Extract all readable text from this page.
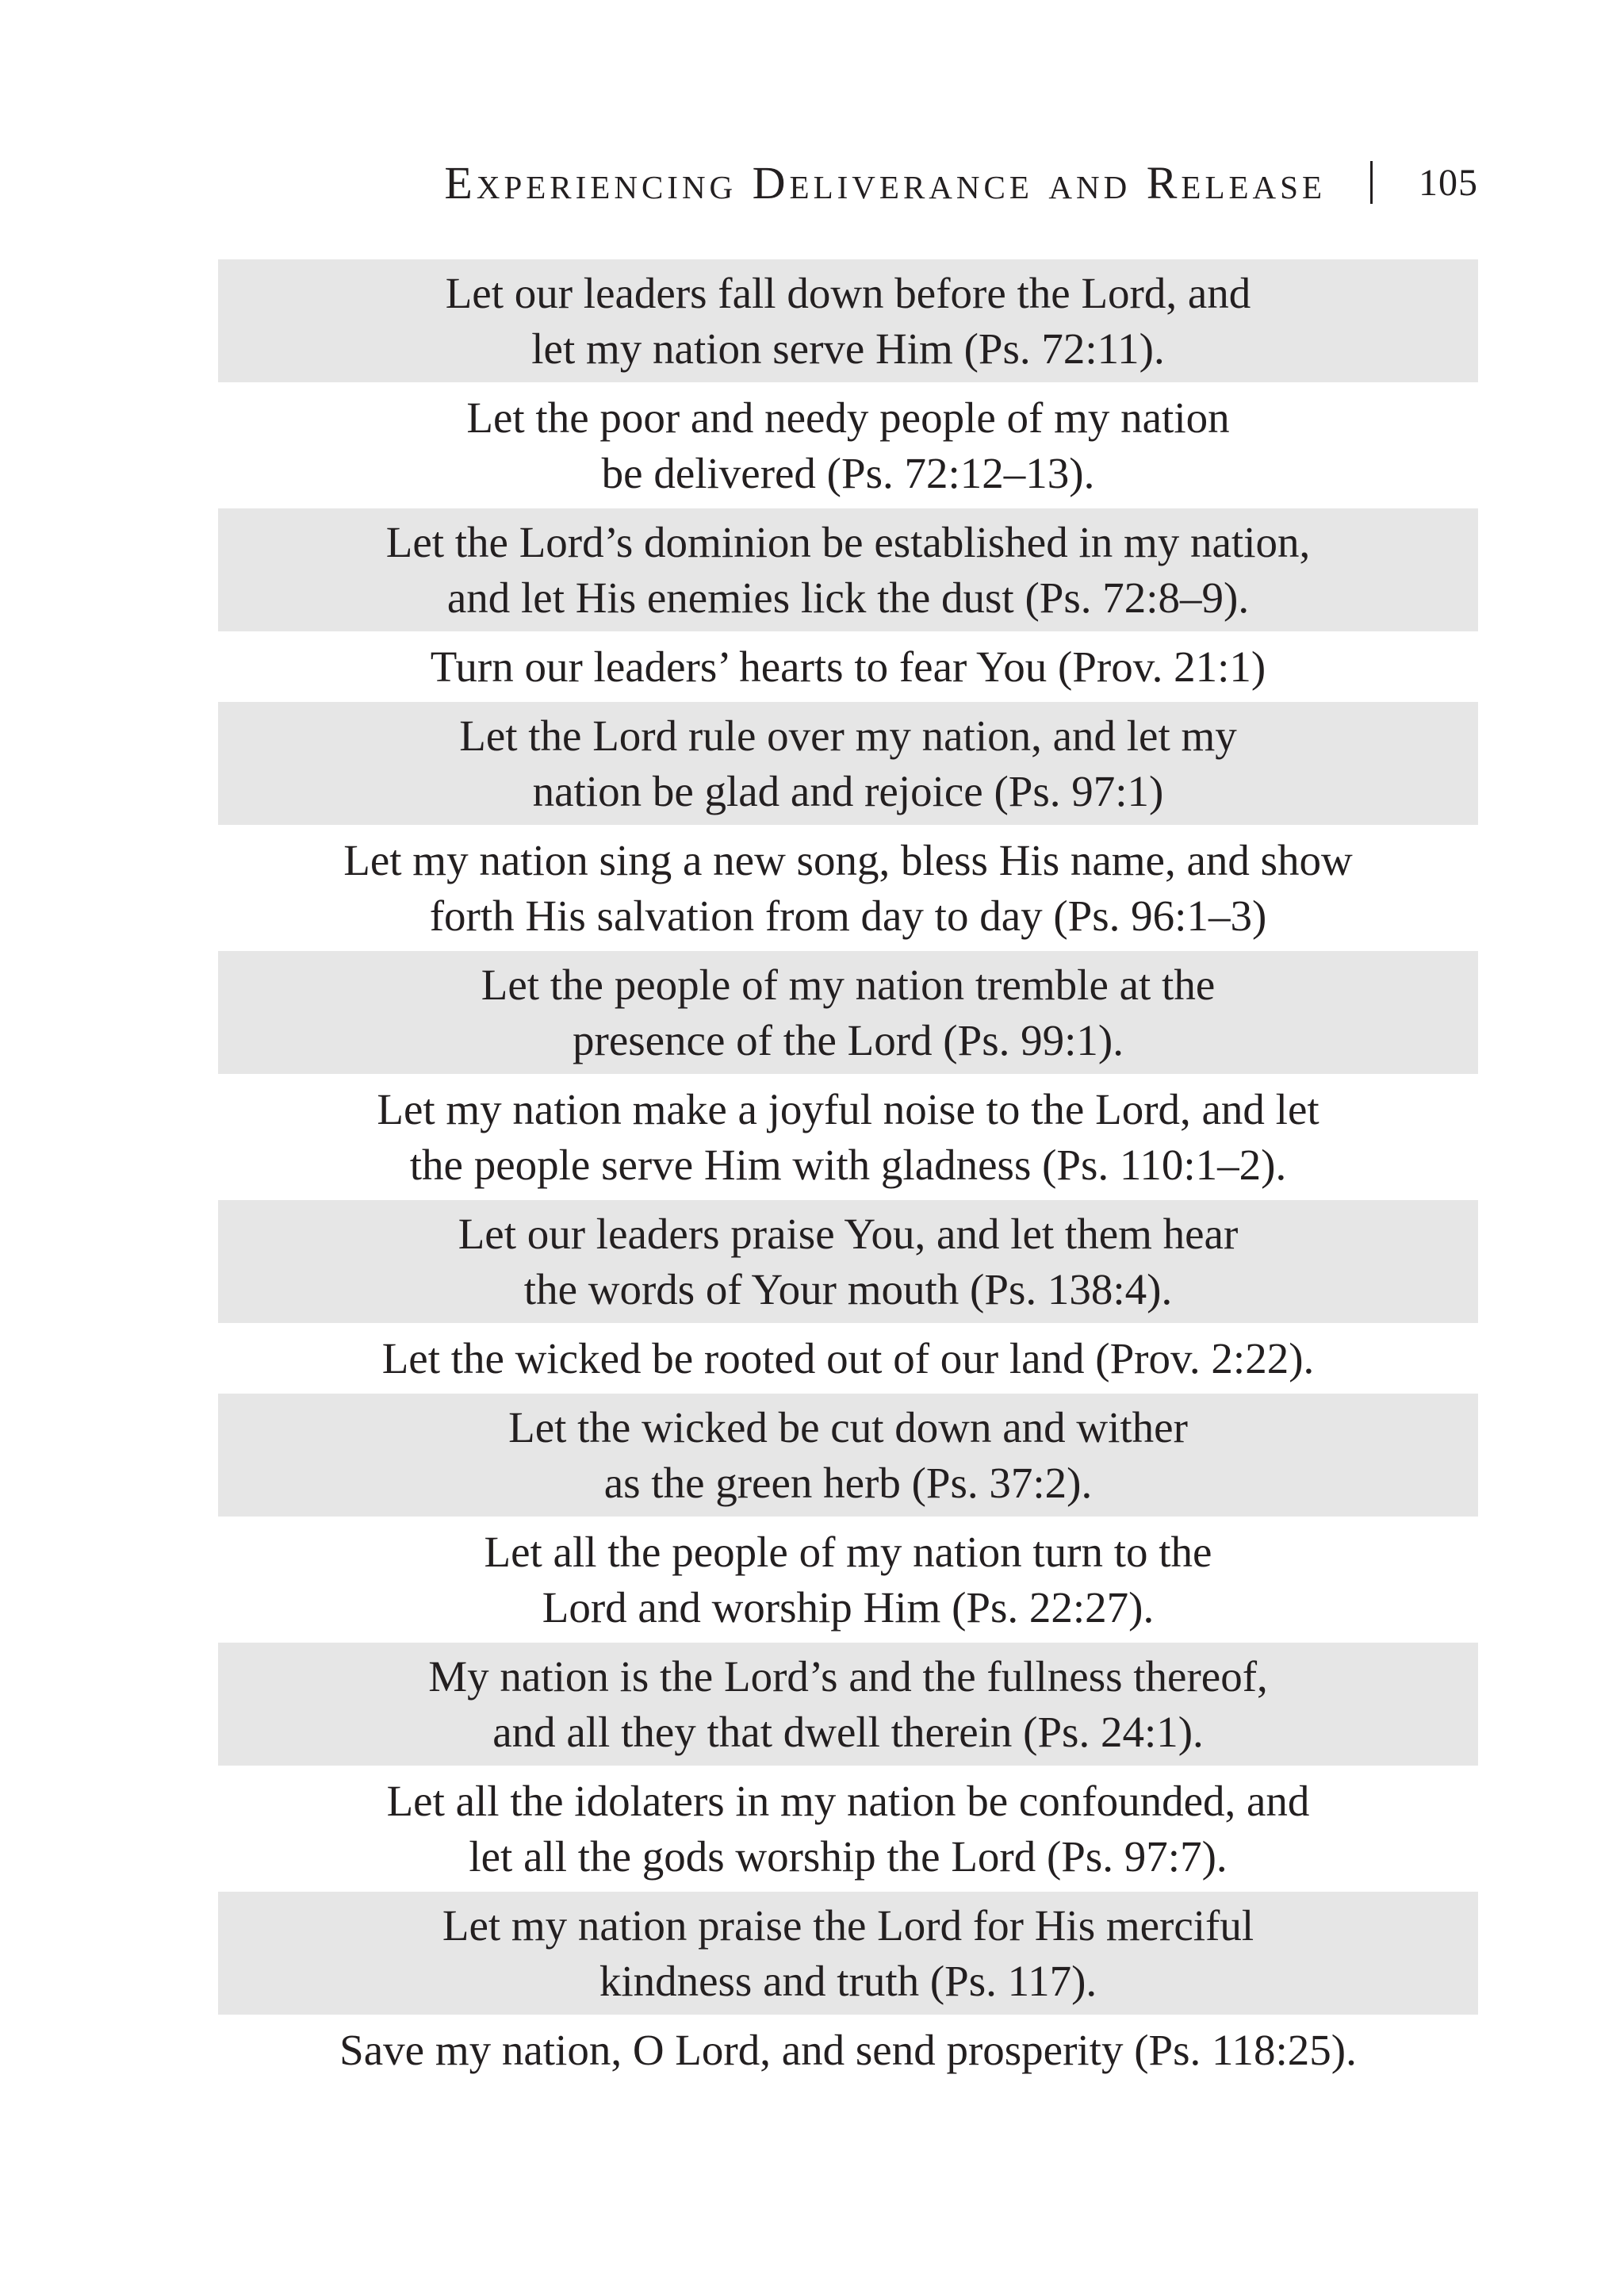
Experiencing Deliverance and Release 105
Let our leaders fall down before the Lord, and
let my nation serve Him (Ps. 72:11).
Let the poor and needy people of my nation
be delivered (Ps. 72:12–13).
Let the Lord’s dominion be established in my nation,
and let His enemies lick the dust (Ps. 72:8–9).
Turn our leaders’ hearts to fear You (Prov. 21:1)
Let the Lord rule over my nation, and let my
nation be glad and rejoice (Ps. 97:1)
Let my nation sing a new song, bless His name, and show
forth His salvation from day to day (Ps. 96:1–3)
Let the people of my nation tremble at the
presence of the Lord (Ps. 99:1).
Let my nation make a joyful noise to the Lord, and let
the people serve Him with gladness (Ps. 110:1–2).
Let our leaders praise You, and let them hear
the words of Your mouth (Ps. 138:4).
Let the wicked be rooted out of our land (Prov. 2:22).
Let the wicked be cut down and wither
as the green herb (Ps. 37:2).
Let all the people of my nation turn to the
Lord and worship Him (Ps. 22:27).
My nation is the Lord’s and the fullness thereof,
and all they that dwell therein (Ps. 24:1).
Let all the idolaters in my nation be confounded, and
let all the gods worship the Lord (Ps. 97:7).
Let my nation praise the Lord for His merciful
kindness and truth (Ps. 117).
Save my nation, O Lord, and send prosperity (Ps. 118:25).
